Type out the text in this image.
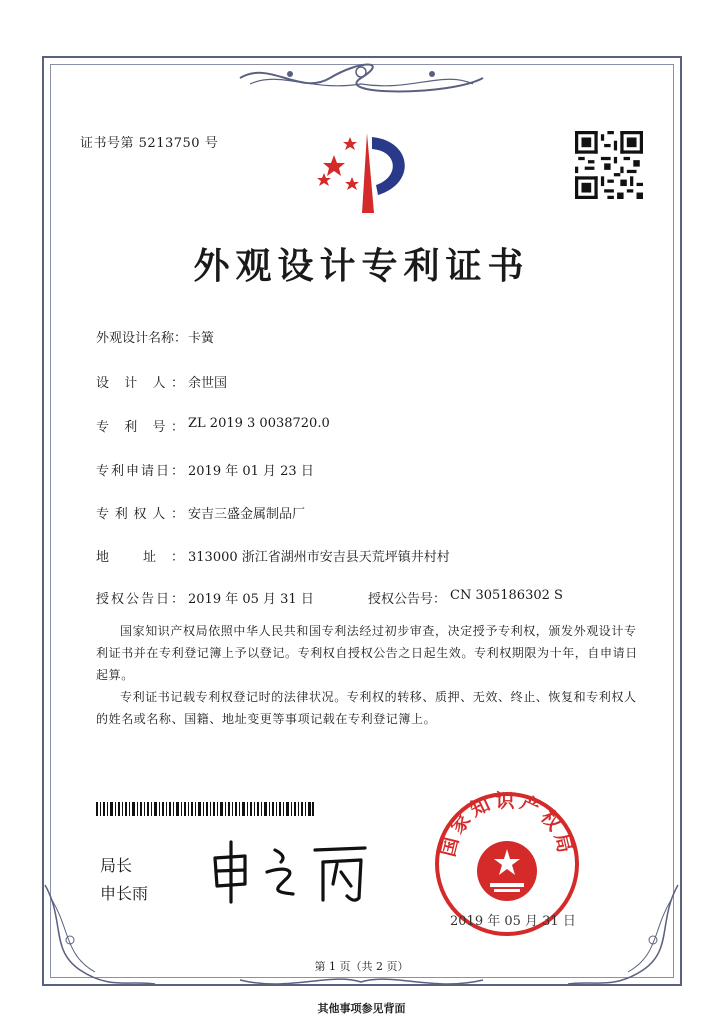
证书号第 5213750 号
外观设计专利证书
外观设计名称： 卡簧
设 计 人： 余世国
专 利 号： ZL 2019 3 0038720.0
专利申请日： 2019 年 01 月 23 日
专利权人： 安吉三盛金属制品厂
地 址： 313000 浙江省湖州市安吉县天荒坪镇井村村
授权公告日： 2019 年 05 月 31 日	授权公告号： CN 305186302 S

国家知识产权局依照中华人民共和国专利法经过初步审查，决定授予专利权，颁发外观设计专利证书并在专利登记簿上予以登记。专利权自授权公告之日起生效。专利权期限为十年，自申请日起算。

专利证书记载专利权登记时的法律状况。专利权的转移、质押、无效、终止、恢复和专利权人的姓名或名称、国籍、地址变更等事项记载在专利登记簿上。

局长
申长雨
国家知识产权局
2019 年 05 月 31 日
第 1 页（共 2 页）
其他事项参见背面
